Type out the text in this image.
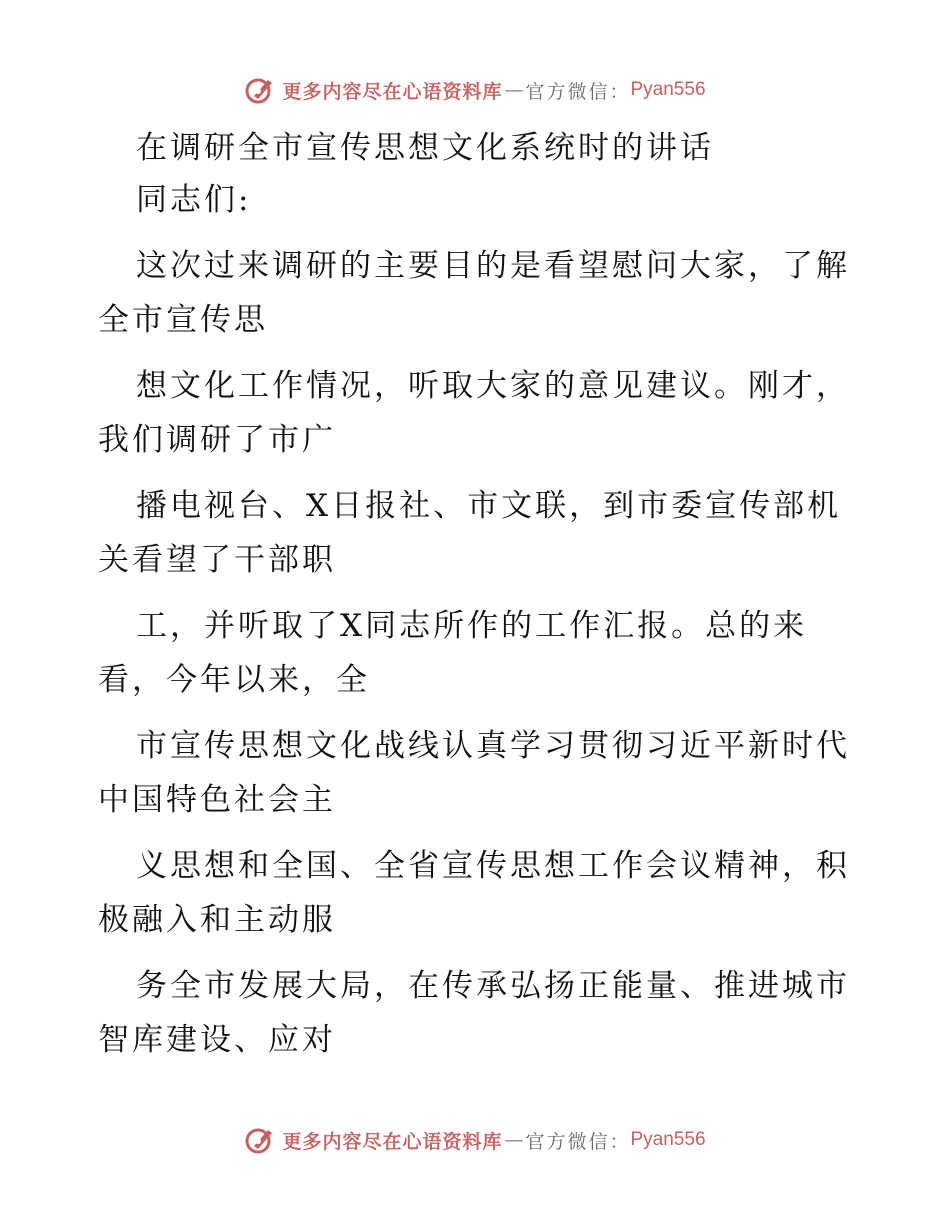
更多内容尽在心语资料库 — 官方微信： Pyan556
在调研全市宣传思想文化系统时的讲话
同志们:
这次过来调研的主要目的是看望慰问大家，了解
全市宣传思
想文化工作情况，听取大家的意见建议。刚才，
我们调研了市广
播电视台、X日报社、市文联，到市委宣传部机
关看望了干部职
工，并听取了X同志所作的工作汇报。总的来
看，今年以来，全
市宣传思想文化战线认真学习贯彻习近平新时代
中国特色社会主
义思想和全国、全省宣传思想工作会议精神，积
极融入和主动服
务全市发展大局，在传承弘扬正能量、推进城市
智库建设、应对
更多内容尽在心语资料库 — 官方微信： Pyan556
